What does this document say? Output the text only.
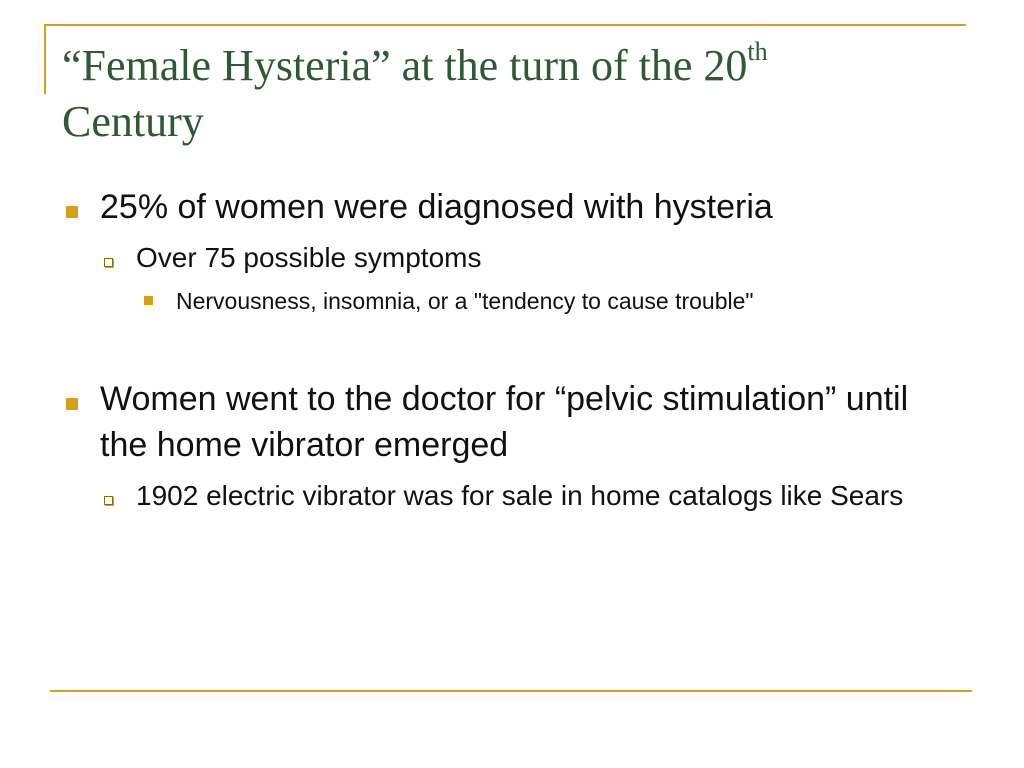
“Female Hysteria” at the turn of the 20th
Century
25% of women were diagnosed with hysteria
Over 75 possible symptoms
Nervousness, insomnia, or a "tendency to cause trouble"
Women went to the doctor for “pelvic stimulation” until the home vibrator emerged
1902 electric vibrator was for sale in home catalogs like Sears
